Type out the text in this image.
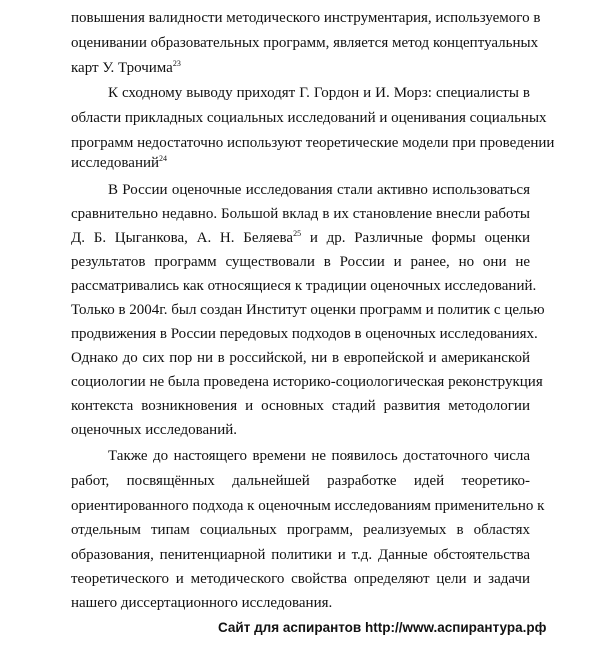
повышения валидности методического инструментария, используемого в
оценивании образовательных программ, является метод концептуальных
карт У. Трочима$^{23}$
К сходному выводу приходят Г. Гордон и И. Морз: специалисты в
области прикладных социальных исследований и оценивания социальных
программ недостаточно используют теоретические модели при проведении
исследований$^{24}$
В России оценочные исследования стали активно использоваться
сравнительно недавно. Большой вклад в их становление внесли работы
Д. Б. Цыганкова, А. Н. Беляева$^{25}$ и др. Различные формы оценки
результатов программ существовали в России и ранее, но они не
рассматривались как относящиеся к традиции оценочных исследований.
Только в 2004г. был создан Институт оценки программ и политик с целью
продвижения в России передовых подходов в оценочных исследованиях.
Однако до сих пор ни в российской, ни в европейской и американской
социологии не была проведена историко-социологическая реконструкция
контекста возникновения и основных стадий развития методологии
оценочных исследований.
Также до настоящего времени не появилось достаточного числа
работ, посвящённых дальнейшей разработке идей теоретико-
ориентированного подхода к оценочным исследованиям применительно к
отдельным типам социальных программ, реализуемых в областях
образования, пенитенциарной политики и т.д. Данные обстоятельства
теоретического и методического свойства определяют цели и задачи
нашего диссертационного исследования.
Сайт для аспирантов http://www.аспирантура.рф
